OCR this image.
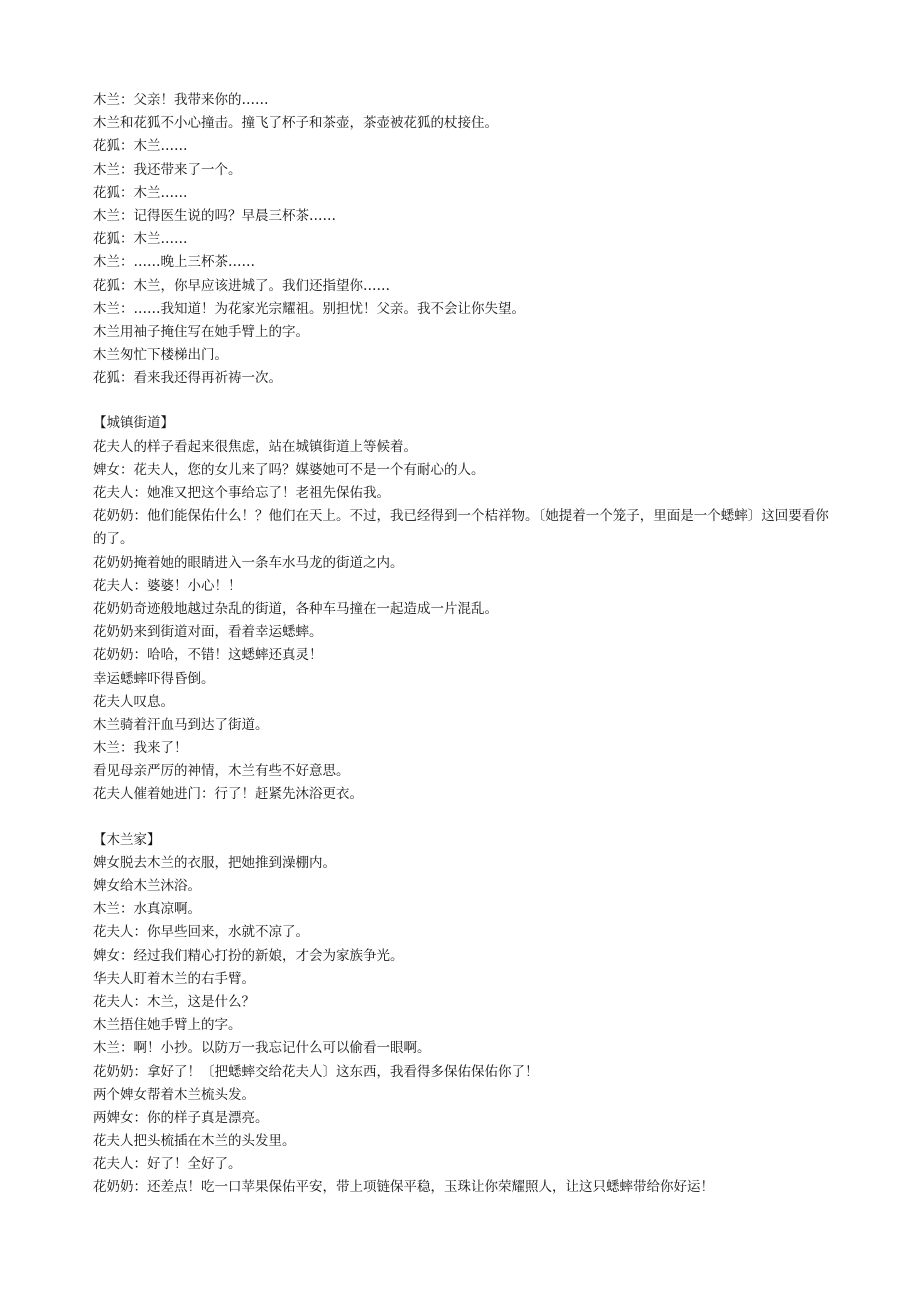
木兰：父亲！我带来你的……
木兰和花狐不小心撞击。撞飞了杯子和茶壶，茶壶被花狐的杖接住。
花狐：木兰……
木兰：我还带来了一个。
花狐：木兰……
木兰：记得医生说的吗？早晨三杯茶……
花狐：木兰……
木兰：……晚上三杯茶……
花狐：木兰，你早应该进城了。我们还指望你……
木兰：……我知道！为花家光宗耀祖。别担忧！父亲。我不会让你失望。
木兰用袖子掩住写在她手臂上的字。
木兰匆忙下楼梯出门。
花狐：看来我还得再祈祷一次。
【城镇街道】
花夫人的样子看起来很焦虑，站在城镇街道上等候着。
婢女：花夫人，您的女儿来了吗？媒婆她可不是一个有耐心的人。
花夫人：她准又把这个事给忘了！老祖先保佑我。
花奶奶：他们能保佑什么！？他们在天上。不过，我已经得到一个桔祥物。〔她提着一个笼子，里面是一个蟋蟀〕这回要看你的了。
花奶奶掩着她的眼睛进入一条车水马龙的街道之内。
花夫人：婆婆！小心！！
花奶奶奇迹般地越过杂乱的街道，各种车马撞在一起造成一片混乱。
花奶奶来到街道对面，看着幸运蟋蟀。
花奶奶：哈哈，不错！这蟋蟀还真灵！
幸运蟋蟀吓得昏倒。
花夫人叹息。
木兰骑着汗血马到达了街道。
木兰：我来了！
看见母亲严厉的神情，木兰有些不好意思。
花夫人催着她进门：行了！赶紧先沐浴更衣。
【木兰家】
婢女脱去木兰的衣服，把她推到澡棚内。
婢女给木兰沐浴。
木兰：水真凉啊。
花夫人：你早些回来，水就不凉了。
婢女：经过我们精心打扮的新娘，才会为家族争光。
华夫人盯着木兰的右手臂。
花夫人：木兰，这是什么？
木兰捂住她手臂上的字。
木兰：啊！小抄。以防万一我忘记什么可以偷看一眼啊。
花奶奶：拿好了！〔把蟋蟀交给花夫人〕这东西，我看得多保佑保佑你了！
两个婢女帮着木兰梳头发。
两婢女：你的样子真是漂亮。
花夫人把头梳插在木兰的头发里。
花夫人：好了！全好了。
花奶奶：还差点！吃一口苹果保佑平安，带上项链保平稳，玉珠让你荣耀照人，让这只蟋蟀带给你好运！
